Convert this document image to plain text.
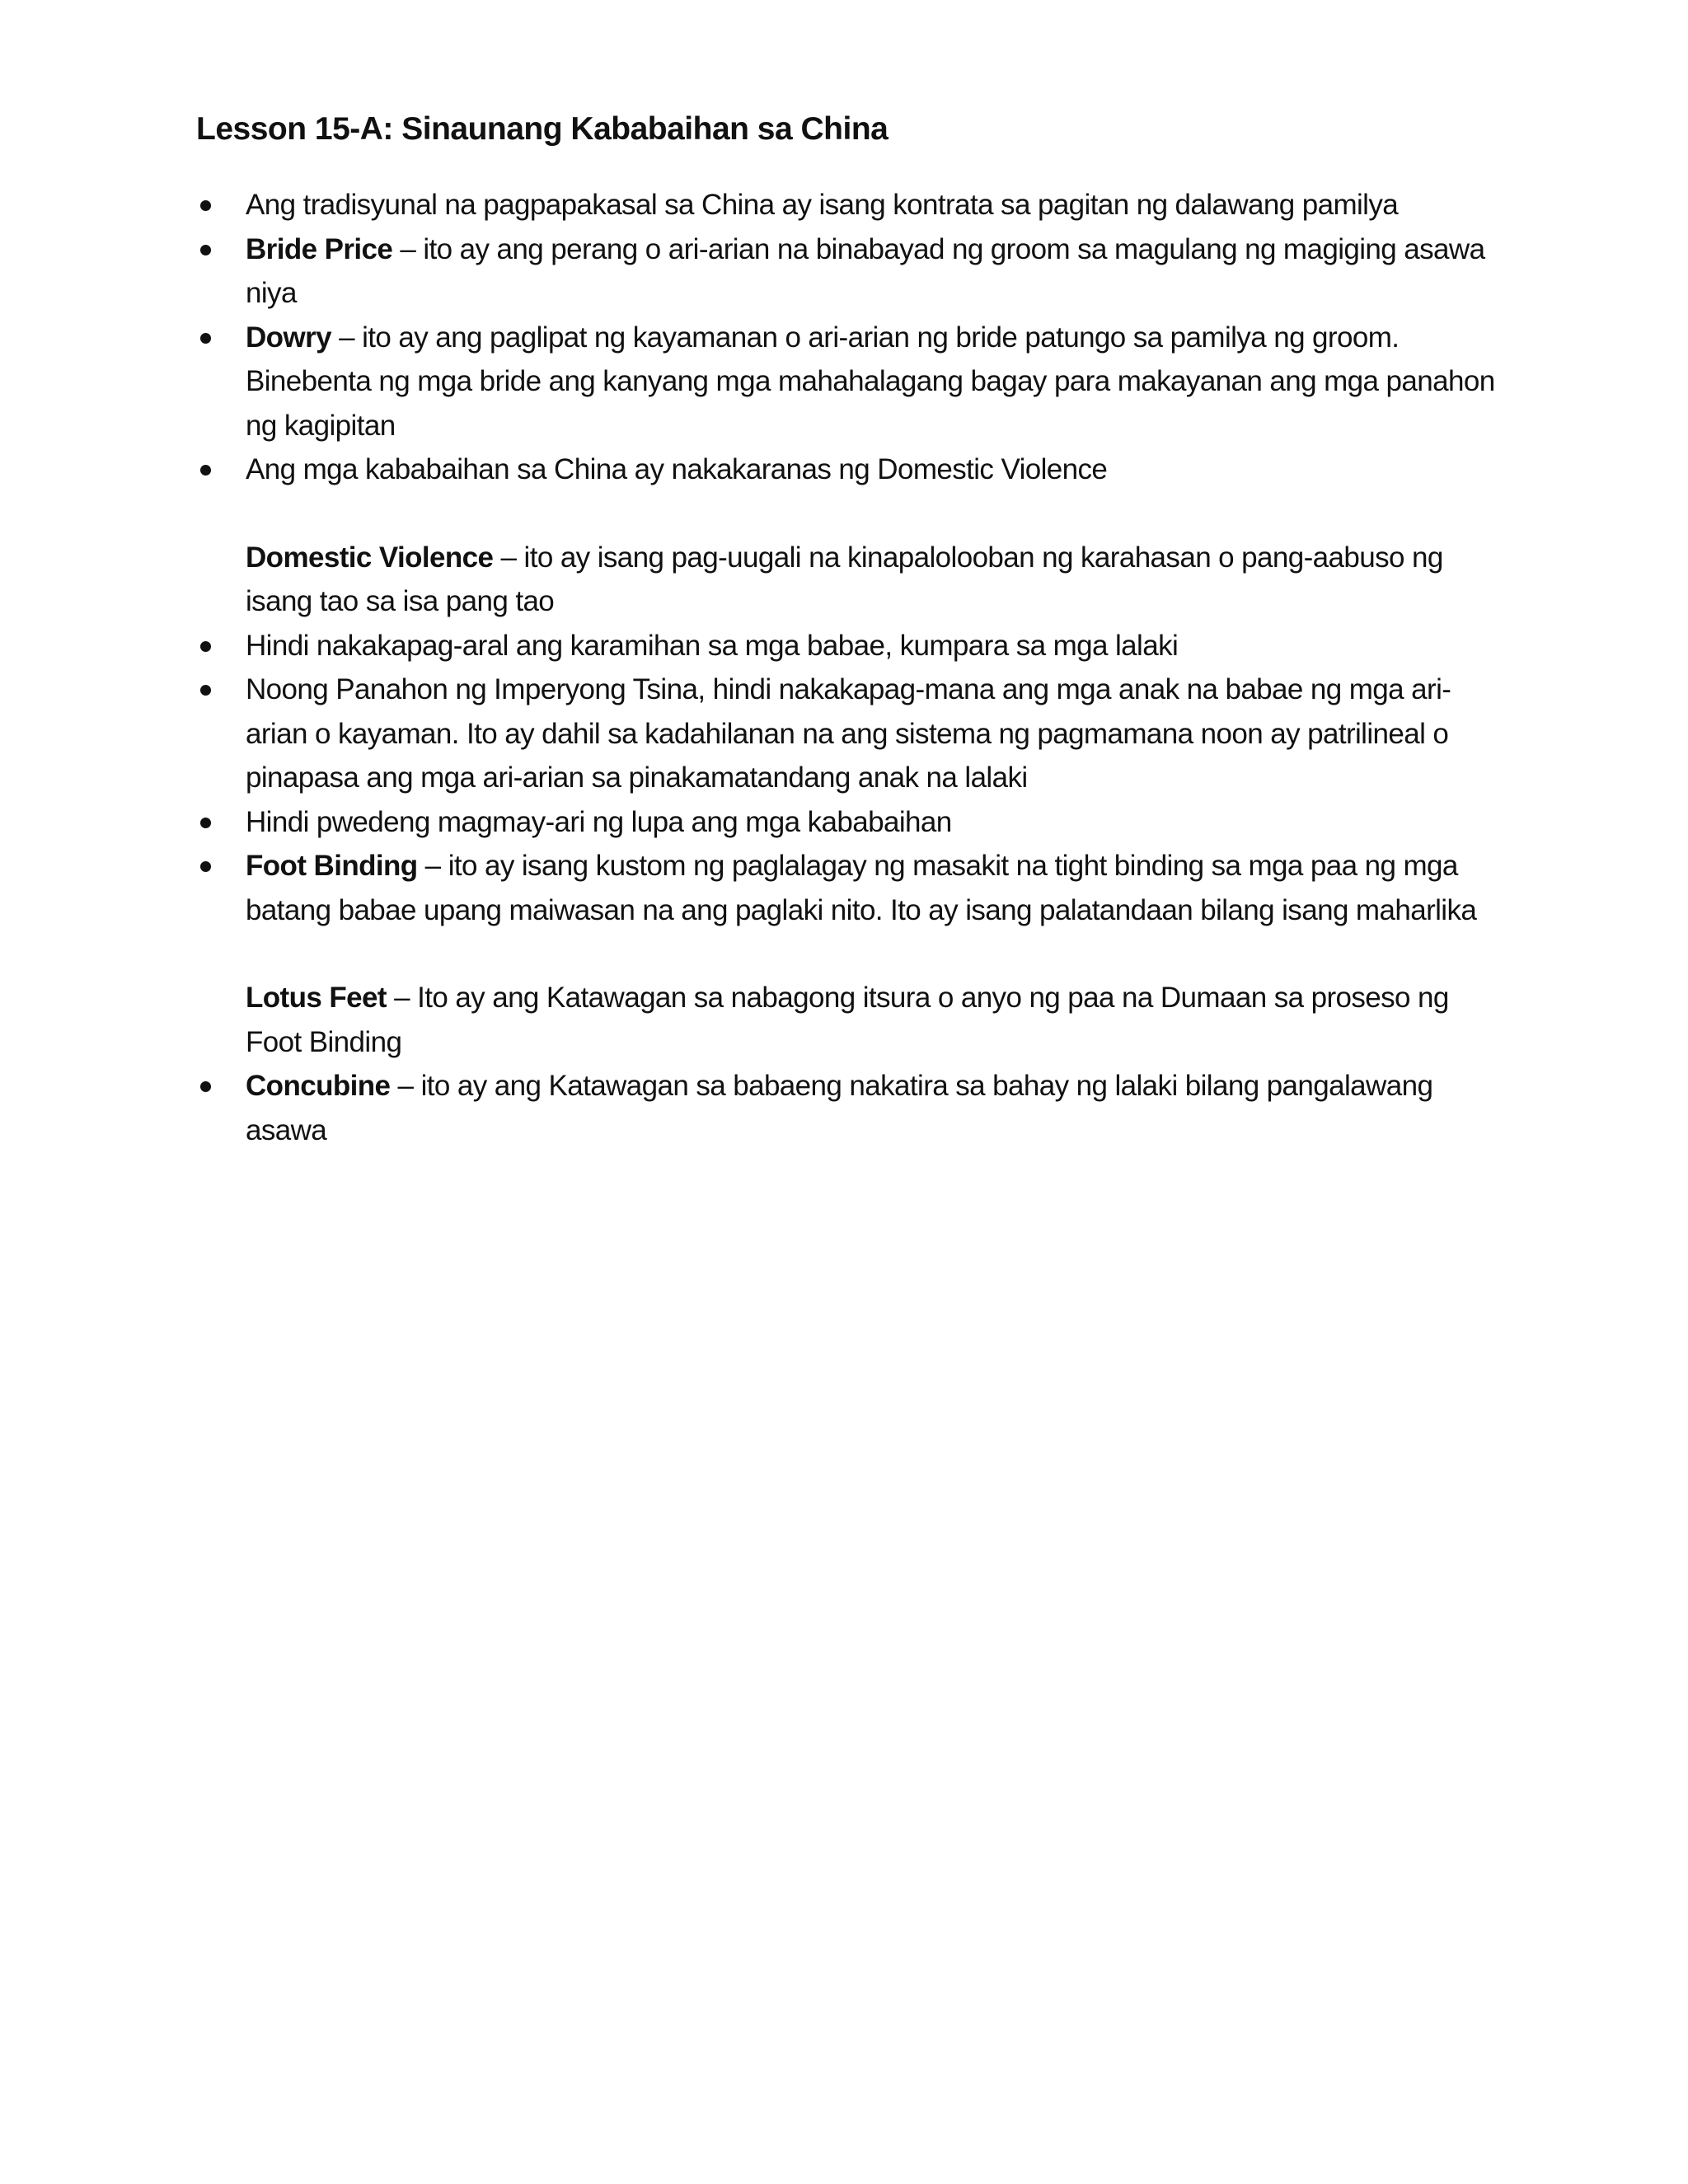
Lesson 15-A: Sinaunang Kababaihan sa China

Ang tradisyunal na pagpapakasal sa China ay isang kontrata sa pagitan ng dalawang pamilya

Bride Price – ito ay ang perang o ari-arian na binabayad ng groom sa magulang ng magiging asawa niya

Dowry – ito ay ang paglipat ng kayamanan o ari-arian ng bride patungo sa pamilya ng groom. Binebenta ng mga bride ang kanyang mga mahahalagang bagay para makayanan ang mga panahon ng kagipitan

Ang mga kababaihan sa China ay nakakaranas ng Domestic Violence

Domestic Violence – ito ay isang pag-uugali na kinapalolooban ng karahasan o pang-aabuso ng isang tao sa isa pang tao

Hindi nakakapag-aral ang karamihan sa mga babae, kumpara sa mga lalaki

Noong Panahon ng Imperyong Tsina, hindi nakakapag-mana ang mga anak na babae ng mga ari-arian o kayaman. Ito ay dahil sa kadahilanan na ang sistema ng pagmamana noon ay patrilineal o pinapasa ang mga ari-arian sa pinakamatandang anak na lalaki

Hindi pwedeng magmay-ari ng lupa ang mga kababaihan

Foot Binding – ito ay isang kustom ng paglalagay ng masakit na tight binding sa mga paa ng mga batang babae upang maiwasan na ang paglaki nito. Ito ay isang palatandaan bilang isang maharlika

Lotus Feet – Ito ay ang Katawagan sa nabagong itsura o anyo ng paa na Dumaan sa proseso ng Foot Binding

Concubine – ito ay ang Katawagan sa babaeng nakatira sa bahay ng lalaki bilang pangalawang asawa
